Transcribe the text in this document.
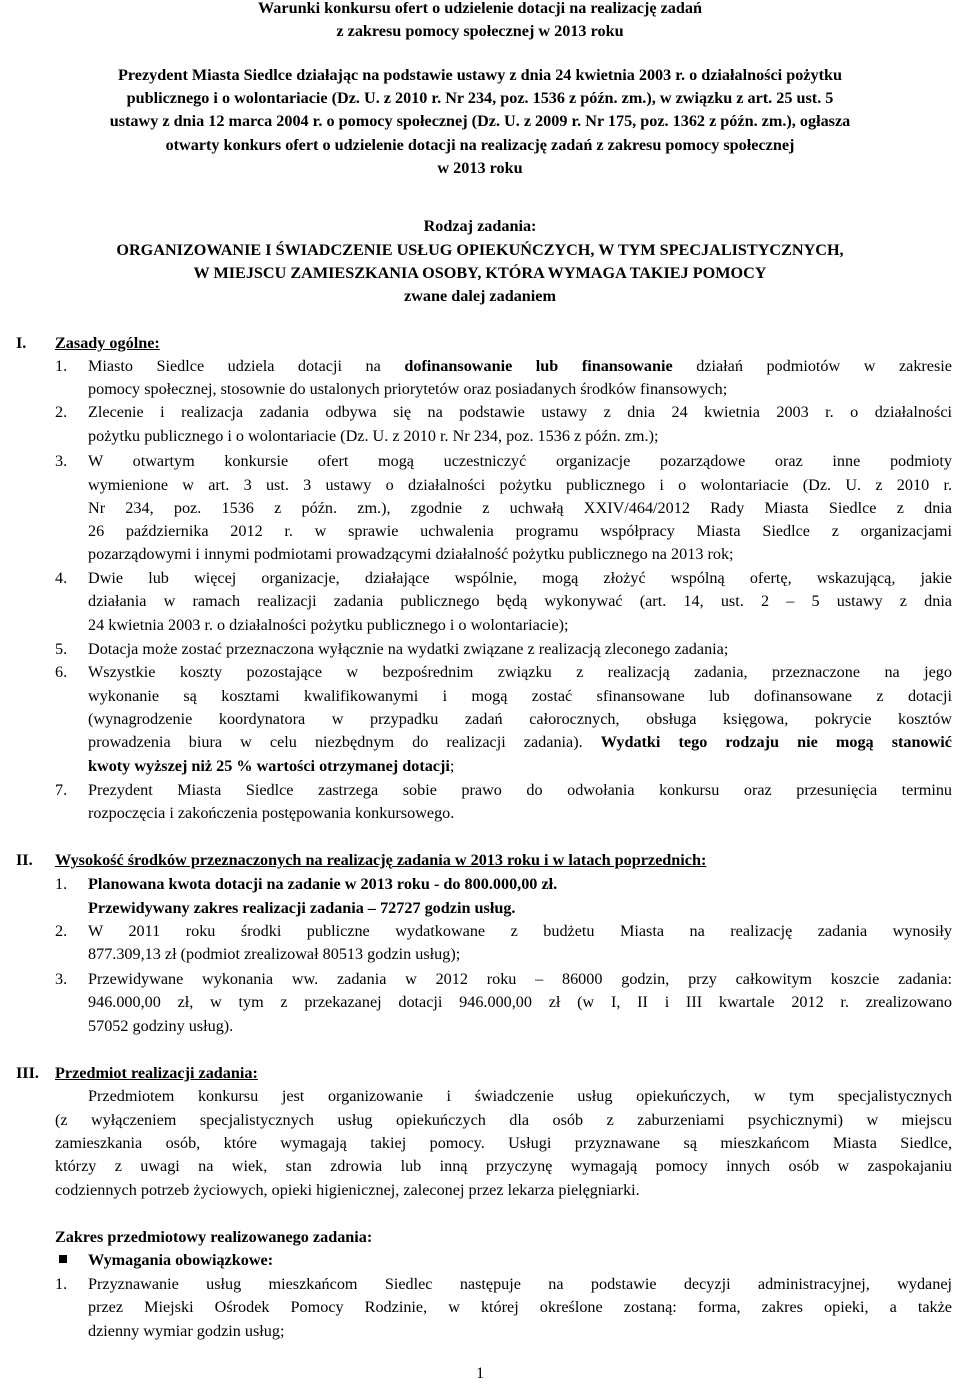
Warunki konkursu ofert o udzielenie dotacji na realizację zadań
z zakresu pomocy społecznej w 2013 roku
Prezydent Miasta Siedlce działając na podstawie ustawy z dnia 24 kwietnia 2003 r. o działalności pożytku
publicznego i o wolontariacie (Dz. U. z 2010 r. Nr 234, poz. 1536 z późn. zm.), w związku z art. 25 ust. 5
ustawy z dnia 12 marca 2004 r. o pomocy społecznej (Dz. U. z 2009 r. Nr 175, poz. 1362 z późn. zm.), ogłasza
otwarty konkurs ofert o udzielenie dotacji na realizację zadań z zakresu pomocy społecznej
w 2013 roku
Rodzaj zadania:
ORGANIZOWANIE I ŚWIADCZENIE USŁUG OPIEKUŃCZYCH, W TYM SPECJALISTYCZNYCH,
W MIEJSCU ZAMIESZKANIA OSOBY, KTÓRA WYMAGA TAKIEJ POMOCY
zwane dalej zadaniem
I. Zasady ogólne:
1. Miasto Siedlce udziela dotacji na dofinansowanie lub finansowanie działań podmiotów w zakresie
pomocy społecznej, stosownie do ustalonych priorytetów oraz posiadanych środków finansowych;
2. Zlecenie i realizacja zadania odbywa się na podstawie ustawy z dnia 24 kwietnia 2003 r. o działalności
pożytku publicznego i o wolontariacie (Dz. U. z 2010 r. Nr 234, poz. 1536 z późn. zm.);
3. W otwartym konkursie ofert mogą uczestniczyć organizacje pozarządowe oraz inne podmioty
wymienione w art. 3 ust. 3 ustawy o działalności pożytku publicznego i o wolontariacie (Dz. U. z 2010 r.
Nr 234, poz. 1536 z późn. zm.), zgodnie z uchwałą XXIV/464/2012 Rady Miasta Siedlce z dnia
26 października 2012 r. w sprawie uchwalenia programu współpracy Miasta Siedlce z organizacjami
pozarządowymi i innymi podmiotami prowadzącymi działalność pożytku publicznego na 2013 rok;
4. Dwie lub więcej organizacje, działające wspólnie, mogą złożyć wspólną ofertę, wskazującą, jakie
działania w ramach realizacji zadania publicznego będą wykonywać (art. 14, ust. 2 – 5 ustawy z dnia
24 kwietnia 2003 r. o działalności pożytku publicznego i o wolontariacie);
5. Dotacja może zostać przeznaczona wyłącznie na wydatki związane z realizacją zleconego zadania;
6. Wszystkie koszty pozostające w bezpośrednim związku z realizacją zadania, przeznaczone na jego
wykonanie są kosztami kwalifikowanymi i mogą zostać sfinansowane lub dofinansowane z dotacji
(wynagrodzenie koordynatora w przypadku zadań całorocznych, obsługa księgowa, pokrycie kosztów
prowadzenia biura w celu niezbędnym do realizacji zadania). Wydatki tego rodzaju nie mogą stanowić
kwoty wyższej niż 25 % wartości otrzymanej dotacji;
7. Prezydent Miasta Siedlce zastrzega sobie prawo do odwołania konkursu oraz przesunięcia terminu
rozpoczęcia i zakończenia postępowania konkursowego.
II. Wysokość środków przeznaczonych na realizację zadania w 2013 roku i w latach poprzednich:
1. Planowana kwota dotacji na zadanie w 2013 roku - do 800.000,00 zł.
Przewidywany zakres realizacji zadania – 72727 godzin usług.
2. W 2011 roku środki publiczne wydatkowane z budżetu Miasta na realizację zadania wynosiły
877.309,13 zł (podmiot zrealizował 80513 godzin usług);
3. Przewidywane wykonania ww. zadania w 2012 roku – 86000 godzin, przy całkowitym koszcie zadania:
946.000,00 zł, w tym z przekazanej dotacji 946.000,00 zł (w I, II i III kwartale 2012 r. zrealizowano
57052 godziny usług).
III. Przedmiot realizacji zadania:
Przedmiotem konkursu jest organizowanie i świadczenie usług opiekuńczych, w tym specjalistycznych
(z wyłączeniem specjalistycznych usług opiekuńczych dla osób z zaburzeniami psychicznymi) w miejscu
zamieszkania osób, które wymagają takiej pomocy. Usługi przyznawane są mieszkańcom Miasta Siedlce,
którzy z uwagi na wiek, stan zdrowia lub inną przyczynę wymagają pomocy innych osób w zaspokajaniu
codziennych potrzeb życiowych, opieki higienicznej, zaleconej przez lekarza pielęgniarki.
Zakres przedmiotowy realizowanego zadania:
Wymagania obowiązkowe:
1. Przyznawanie usług mieszkańcom Siedlec następuje na podstawie decyzji administracyjnej, wydanej
przez Miejski Ośrodek Pomocy Rodzinie, w której określone zostaną: forma, zakres opieki, a także
dzienny wymiar godzin usług;
1
